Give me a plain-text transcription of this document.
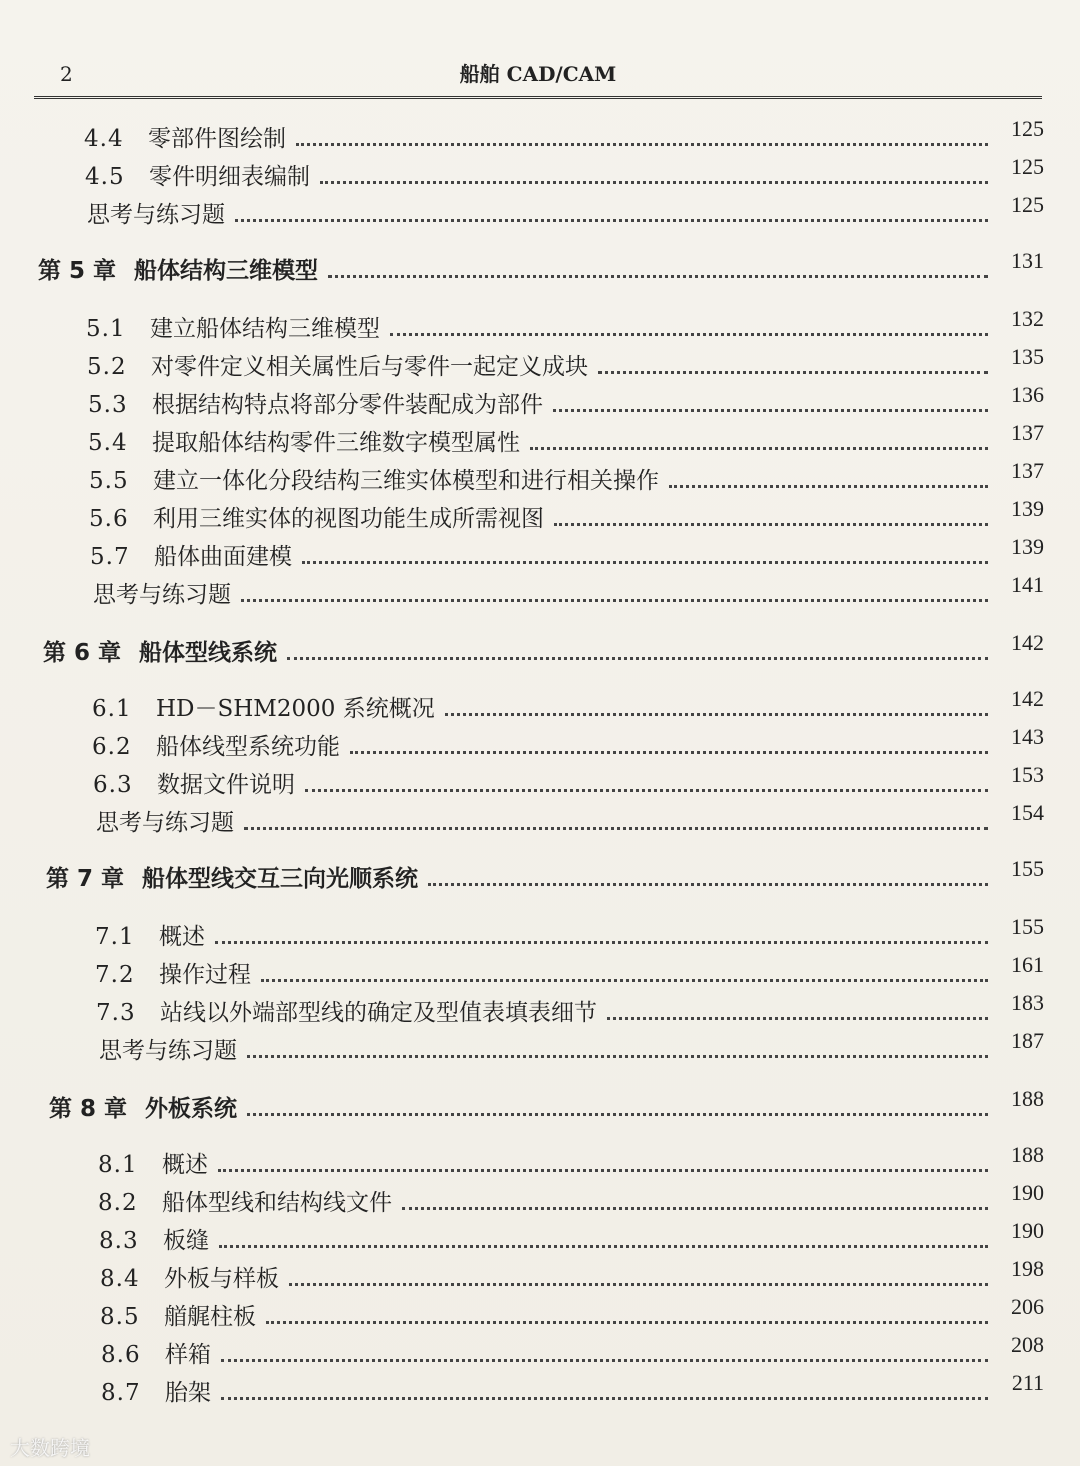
2	船舶 CAD/CAM
4.4	零部件图绘制	125
4.5	零件明细表编制	125
思考与练习题	125
第 5 章 船体结构三维模型	131
5.1	建立船体结构三维模型	132
5.2	对零件定义相关属性后与零件一起定义成块	135
5.3	根据结构特点将部分零件装配成为部件	136
5.4	提取船体结构零件三维数字模型属性	137
5.5	建立一体化分段结构三维实体模型和进行相关操作	137
5.6	利用三维实体的视图功能生成所需视图	139
5.7	船体曲面建模	139
思考与练习题	141
第 6 章 船体型线系统	142
6.1	HD－SHM2000 系统概况	142
6.2	船体线型系统功能	143
6.3	数据文件说明	153
思考与练习题	154
第 7 章 船体型线交互三向光顺系统	155
7.1	概述	155
7.2	操作过程	161
7.3	站线以外端部型线的确定及型值表填表细节	183
思考与练习题	187
第 8 章 外板系统	188
8.1	概述	188
8.2	船体型线和结构线文件	190
8.3	板缝	190
8.4	外板与样板	198
8.5	艏艉柱板	206
8.6	样箱	208
8.7	胎架	211
大数跨境
